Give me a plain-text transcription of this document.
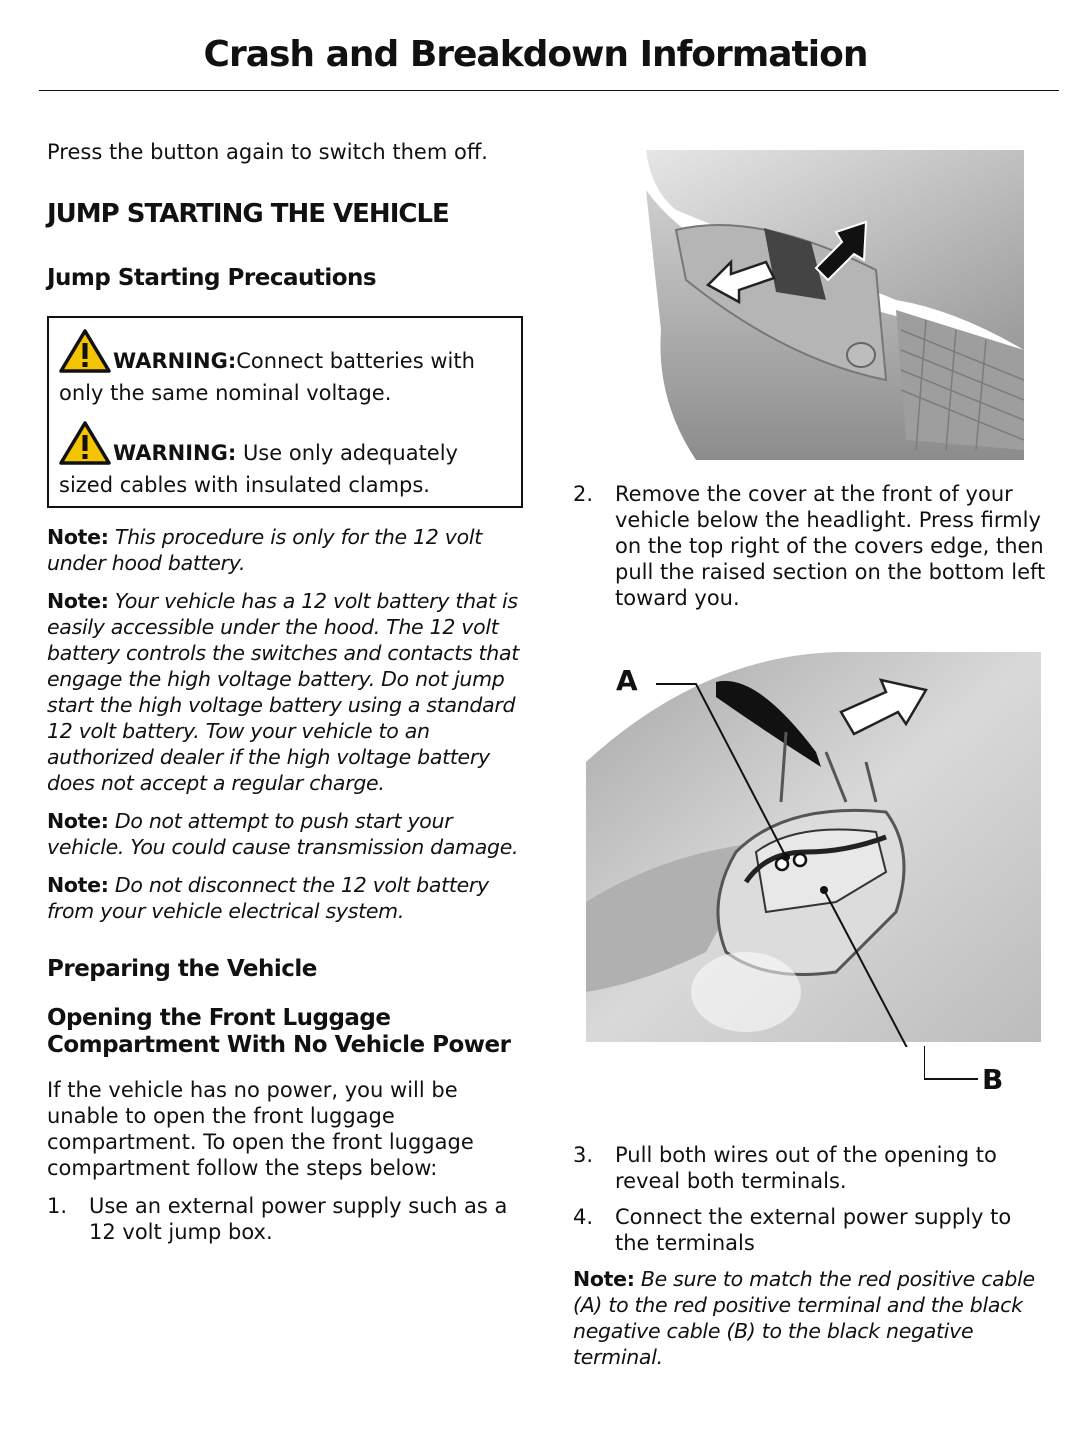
Crash and Breakdown Information

Press the button again to switch them off.

JUMP STARTING THE VEHICLE

Jump Starting Precautions

WARNING:Connect batteries with only the same nominal voltage.

WARNING: Use only adequately sized cables with insulated clamps.

Note: This procedure is only for the 12 volt under hood battery.

Note: Your vehicle has a 12 volt battery that is easily accessible under the hood. The 12 volt battery controls the switches and contacts that engage the high voltage battery. Do not jump start the high voltage battery using a standard 12 volt battery. Tow your vehicle to an authorized dealer if the high voltage battery does not accept a regular charge.

Note: Do not attempt to push start your vehicle. You could cause transmission damage.

Note: Do not disconnect the 12 volt battery from your vehicle electrical system.

Preparing the Vehicle

Opening the Front Luggage Compartment With No Vehicle Power

If the vehicle has no power, you will be unable to open the front luggage compartment. To open the front luggage compartment follow the steps below:

1. Use an external power supply such as a 12 volt jump box.

2. Remove the cover at the front of your vehicle below the headlight. Press firmly on the top right of the covers edge, then pull the raised section on the bottom left toward you.

A
B

3. Pull both wires out of the opening to reveal both terminals.

4. Connect the external power supply to the terminals

Note: Be sure to match the red positive cable (A) to the red positive terminal and the black negative cable (B) to the black negative terminal.
